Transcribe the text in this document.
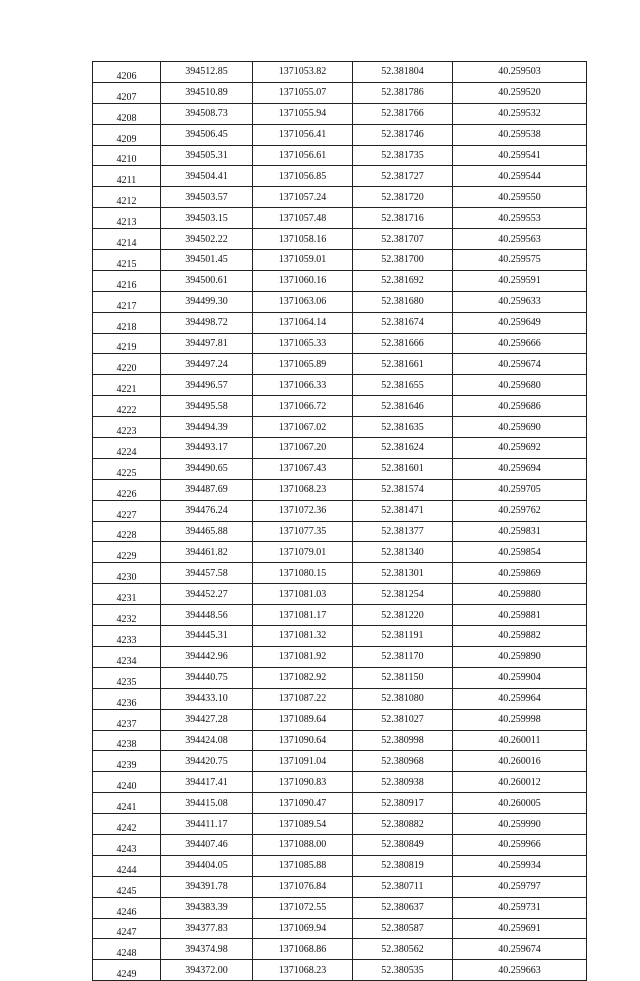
4206	394512.85	1371053.82	52.381804	40.259503
4207	394510.89	1371055.07	52.381786	40.259520
4208	394508.73	1371055.94	52.381766	40.259532
4209	394506.45	1371056.41	52.381746	40.259538
4210	394505.31	1371056.61	52.381735	40.259541
4211	394504.41	1371056.85	52.381727	40.259544
4212	394503.57	1371057.24	52.381720	40.259550
4213	394503.15	1371057.48	52.381716	40.259553
4214	394502.22	1371058.16	52.381707	40.259563
4215	394501.45	1371059.01	52.381700	40.259575
4216	394500.61	1371060.16	52.381692	40.259591
4217	394499.30	1371063.06	52.381680	40.259633
4218	394498.72	1371064.14	52.381674	40.259649
4219	394497.81	1371065.33	52.381666	40.259666
4220	394497.24	1371065.89	52.381661	40.259674
4221	394496.57	1371066.33	52.381655	40.259680
4222	394495.58	1371066.72	52.381646	40.259686
4223	394494.39	1371067.02	52.381635	40.259690
4224	394493.17	1371067.20	52.381624	40.259692
4225	394490.65	1371067.43	52.381601	40.259694
4226	394487.69	1371068.23	52.381574	40.259705
4227	394476.24	1371072.36	52.381471	40.259762
4228	394465.88	1371077.35	52.381377	40.259831
4229	394461.82	1371079.01	52.381340	40.259854
4230	394457.58	1371080.15	52.381301	40.259869
4231	394452.27	1371081.03	52.381254	40.259880
4232	394448.56	1371081.17	52.381220	40.259881
4233	394445.31	1371081.32	52.381191	40.259882
4234	394442.96	1371081.92	52.381170	40.259890
4235	394440.75	1371082.92	52.381150	40.259904
4236	394433.10	1371087.22	52.381080	40.259964
4237	394427.28	1371089.64	52.381027	40.259998
4238	394424.08	1371090.64	52.380998	40.260011
4239	394420.75	1371091.04	52.380968	40.260016
4240	394417.41	1371090.83	52.380938	40.260012
4241	394415.08	1371090.47	52.380917	40.260005
4242	394411.17	1371089.54	52.380882	40.259990
4243	394407.46	1371088.00	52.380849	40.259966
4244	394404.05	1371085.88	52.380819	40.259934
4245	394391.78	1371076.84	52.380711	40.259797
4246	394383.39	1371072.55	52.380637	40.259731
4247	394377.83	1371069.94	52.380587	40.259691
4248	394374.98	1371068.86	52.380562	40.259674
4249	394372.00	1371068.23	52.380535	40.259663
